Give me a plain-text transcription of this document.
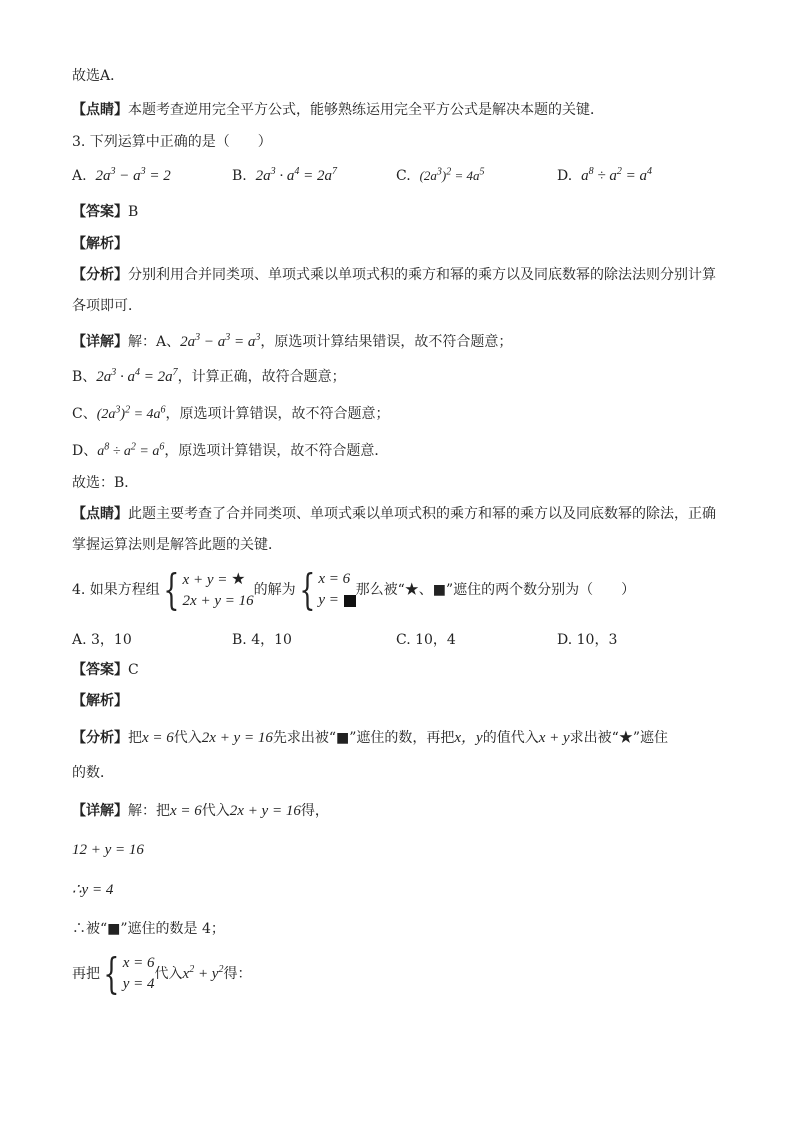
故选A．
【点睛】本题考查逆用完全平方公式，能够熟练运用完全平方公式是解决本题的关键．
3. 下列运算中正确的是（　　）
A. $2a^3 - a^3 = 2$	B. $2a^3 \cdot a^4 = 2a^7$	C. $(2a^3)^2 = 4a^5$	D. $a^8 \div a^2 = a^4$
【答案】B
【解析】
【分析】分别利用合并同类项、单项式乘以单项式积的乘方和幂的乘方以及同底数幂的除法法则分别计算
各项即可．
【详解】解：A、$2a^3 - a^3 = a^3$，原选项计算结果错误，故不符合题意；
B、$2a^3 \cdot a^4 = 2a^7$，计算正确，故符合题意；
C、$(2a^3)^2 = 4a^6$，原选项计算错误，故不符合题意；
D、$a^8 \div a^2 = a^6$，原选项计算错误，故不符合题意．
故选：B．
【点睛】此题主要考查了合并同类项、单项式乘以单项式积的乘方和幂的乘方以及同底数幂的除法，正确
掌握运算法则是解答此题的关键．
4. 如果方程组{ x + y = ★
2x + y = 16
的解为{ x = 6
y =
那么被“★、■”遮住的两个数分别为（　　）
A. 3，10	B. 4，10	C. 10，4	D. 10，3
【答案】C
【解析】
【分析】把x = 6代入2x + y = 16先求出被“■”遮住的数，再把x，y的值代入x + y求出被“★”遮住
的数．
【详解】解：把x = 6代入2x + y = 16得，
12 + y = 16
∴y = 4
∴被“■”遮住的数是 4；
再把{ x = 6
y = 4
代入$x^2 + y^2$得：
